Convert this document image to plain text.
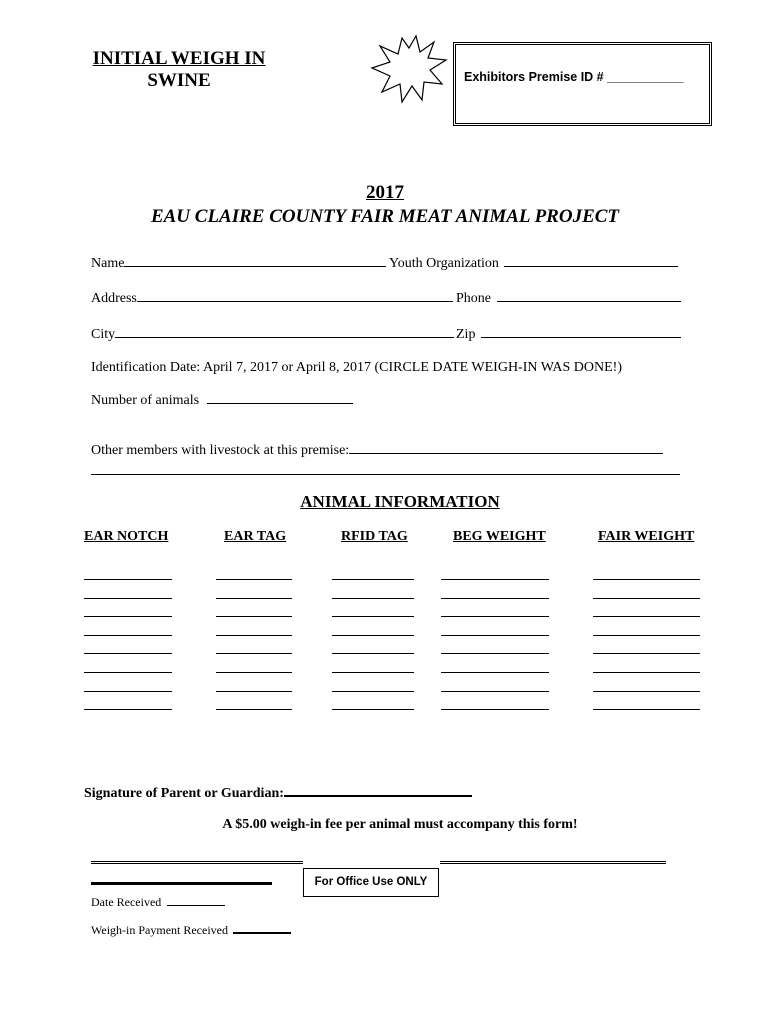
INITIAL WEIGH IN
SWINE	Exhibitors Premise ID # ___________
2017
EAU CLAIRE COUNTY FAIR MEAT ANIMAL PROJECT
Name	Youth Organization
Address	Phone
City	Zip
Identification Date: April 7, 2017 or April 8, 2017 (CIRCLE DATE WEIGH-IN WAS DONE!)
Number of animals
Other members with livestock at this premise:
ANIMAL INFORMATION
EAR NOTCH	EAR TAG	RFID TAG	BEG WEIGHT	FAIR WEIGHT
Signature of Parent or Guardian:
A $5.00 weigh-in fee per animal must accompany this form!
For Office Use ONLY
Date Received
Weigh-in Payment Received
